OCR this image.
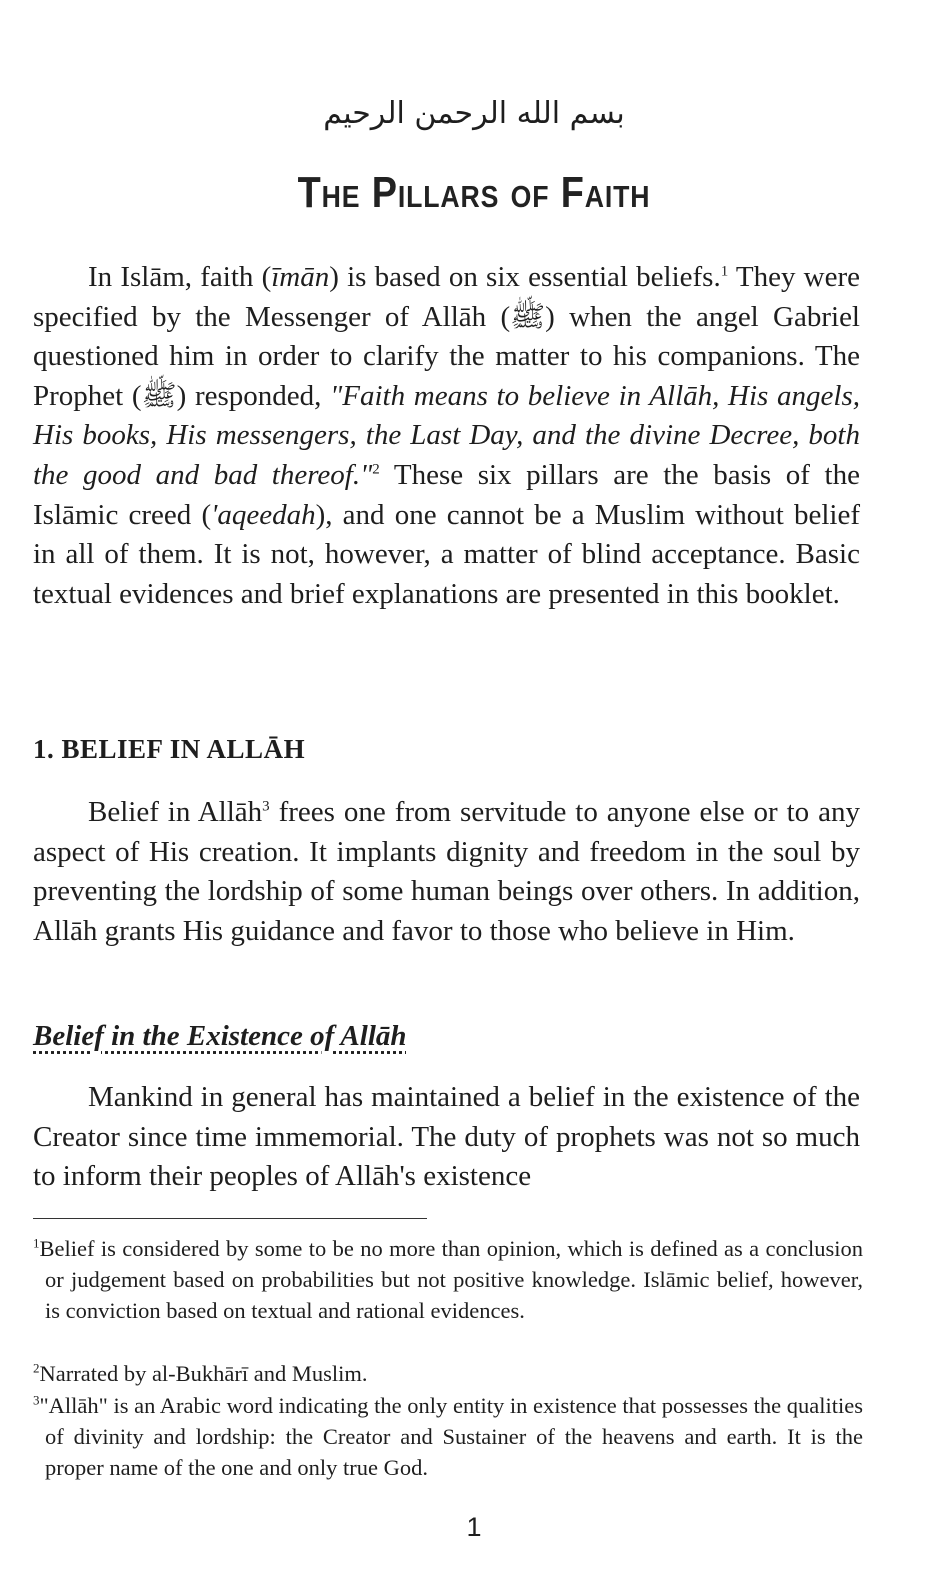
بسم الله الرحمن الرحيم
The Pillars of Faith
In Islām, faith (īmān) is based on six essential beliefs.$^1$ They were specified by the Messenger of Allāh (ﷺ) when the angel Gabriel questioned him in order to clarify the matter to his companions. The Prophet (ﷺ) responded, "Faith means to believe in Allāh, His angels, His books, His messengers, the Last Day, and the divine Decree, both the good and bad thereof."$^2$ These six pillars are the basis of the Islāmic creed ('aqeedah), and one cannot be a Muslim without belief in all of them. It is not, however, a matter of blind acceptance. Basic textual evidences and brief explanations are presented in this booklet.
1. BELIEF IN ALLĀH
Belief in Allāh$^3$ frees one from servitude to anyone else or to any aspect of His creation. It implants dignity and freedom in the soul by preventing the lordship of some human beings over others. In addition, Allāh grants His guidance and favor to those who believe in Him.
Belief in the Existence of Allāh
Mankind in general has maintained a belief in the existence of the Creator since time immemorial. The duty of prophets was not so much to inform their peoples of Allāh's existence
$^1$Belief is considered by some to be no more than opinion, which is defined as a conclusion or judgement based on probabilities but not positive knowledge. Islāmic belief, however, is conviction based on textual and rational evidences.
$^2$Narrated by al-Bukhārī and Muslim.
$^3$"Allāh" is an Arabic word indicating the only entity in existence that possesses the qualities of divinity and lordship: the Creator and Sustainer of the heavens and earth. It is the proper name of the one and only true God.
1
